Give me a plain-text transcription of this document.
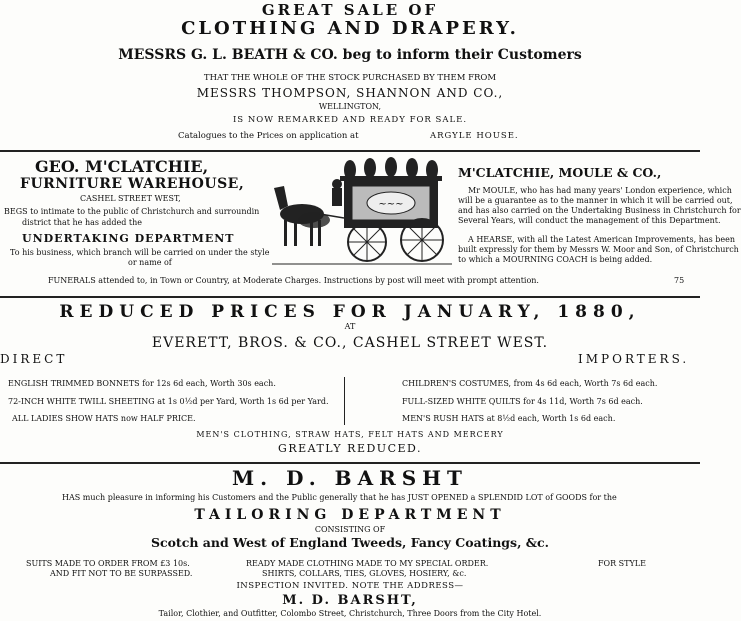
GREAT SALE OF
CLOTHING AND DRAPERY.
MESSRS G. L. BEATH & CO. beg to inform their Customers
THAT THE WHOLE OF THE STOCK PURCHASED BY THEM FROM
MESSRS THOMPSON, SHANNON AND CO.,
WELLINGTON,
IS NOW REMARKED AND READY FOR SALE.
Catalogues to the Prices on application at	ARGYLE HOUSE.
GEO. M'CLATCHIE,
FURNITURE WAREHOUSE,
CASHEL STREET WEST,
BEGS to intimate to the public of Christchurch and surroundin
district that he has added the
UNDERTAKING DEPARTMENT
To his business, which branch will be carried on under the style
or name of
~~~
M'CLATCHIE, MOULE & CO.,
Mr MOULE, who has had many years' London experience, which
will be a guarantee as to the manner in which it will be carried out,
and has also carried on the Undertaking Business in Christchurch for
Several Years, will conduct the management of this Department.
A HEARSE, with all the Latest American Improvements, has been
built expressly for them by Messrs W. Moor and Son, of Christchurch
to which a MOURNING COACH is being added.
FUNERALS attended to, in Town or Country, at Moderate Charges. Instructions by post will meet with prompt attention.	75
REDUCED PRICES FOR JANUARY, 1880,
AT
EVERETT, BROS. & CO., CASHEL STREET WEST.
DIRECT	IMPORTERS.
ENGLISH TRIMMED BONNETS for 12s 6d each, Worth 30s each.
72-INCH WHITE TWILL SHEETING at 1s 0½d per Yard, Worth 1s 6d per Yard.
ALL LADIES SHOW HATS now HALF PRICE.
CHILDREN'S COSTUMES, from 4s 6d each, Worth 7s 6d each.
FULL-SIZED WHITE QUILTS for 4s 11d, Worth 7s 6d each.
MEN'S RUSH HATS at 8½d each, Worth 1s 6d each.
MEN'S CLOTHING, STRAW HATS, FELT HATS AND MERCERY
GREATLY REDUCED.
M. D. BARSHT
HAS much pleasure in informing his Customers and the Public generally that he has JUST OPENED a SPLENDID LOT of GOODS for the
TAILORING DEPARTMENT
CONSISTING OF
Scotch and West of England Tweeds, Fancy Coatings, &c.
SUITS MADE TO ORDER FROM £3 10s.
AND FIT NOT TO BE SURPASSED.
READY MADE CLOTHING MADE TO MY SPECIAL ORDER.
SHIRTS, COLLARS, TIES, GLOVES, HOSIERY, &c.
FOR STYLE
INSPECTION INVITED. NOTE THE ADDRESS—
M. D. BARSHT,
Tailor, Clothier, and Outfitter, Colombo Street, Christchurch, Three Doors from the City Hotel.
